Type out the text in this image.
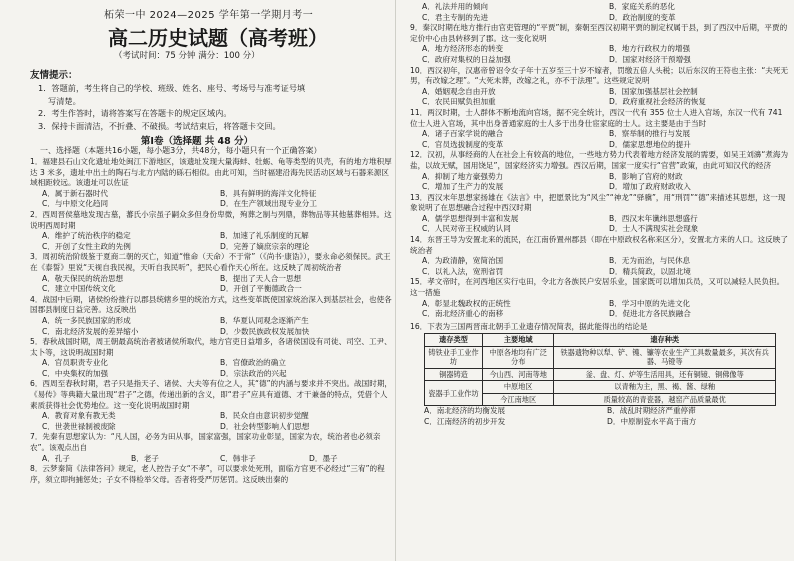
柘荣一中 2024—2025 学年第一学期月考一
高二历史试题（高考班）
（考试时间：75 分钟 满分：100 分）
友情提示：
1．答题前，考生将自己的学校、班级、姓名、座号、考场号与准考证号填
写清楚。
2．考生作答时，请将答案写在答题卡的规定区域内。
3．保持卡面清洁，不折叠、不破损。考试结束后，将答题卡交回。
第Ⅰ卷（选择题 共 48 分）
一、选择题（本题共16小题，每小题3分，共48分，每小题只有一个正确答案）
1．福建县石山文化遗址地处闽江下游地区，该遗址发现大量海蚌、牡蛎、龟等类型的贝壳，有的地方堆积厚达 3 米多，遗址中出土的陶石与北方内陆的砾石相似。由此可知，当时福建沿海先民活动区域与石器来源区域相距较远。该遗址可以佐证
A．属于新石器时代	B．具有鲜明的海洋文化特征
C．与中原文化趋同	D．在生产领域出现专业分工
2．西周晋侯墓地发现古墓，蕃氏小宗虽子嗣众多但身份卑微，殉葬之制与列鼎，葬物品等其他墓葬相异。这说明西周时期
A．维护了统治秩序的稳定	B．加速了礼乐制度的瓦解
C．开创了女性主政的先例	D．完善了嫡庶宗亲的理论
3．周初统治阶级鉴于夏商二朝的灭亡，知道“惟命（天命）不于常”（《尚书·康诰》），要永命必须保民。武王在《泰誓》里说“天视自我民视，天听自我民听”，把民心看作天心所在。这反映了周初统治者
A．敬天保民的统治思想	B．提出了天人合一思想
C．建立中国传统文化	D．开创了平衡德政合一
4．战国中后期，诸侯纷纷推行以郡县统辖乡里的统治方式，这些变革既使国家统治深入到基层社会，也使各国郡县制度日益完善。这反映出
A．统一多民族国家的形成	B．华夏认同观念逐渐产生
C．南北经济发展的差异缩小	D．少数民族政权发展加快
5．春秋战国时期，周王朝最高统治者被诸侯所取代，地方官吏日益增多，各诸侯国设有司徒、司空、工尹、太卜等，这说明战国时期
A．官员职责专业化	B．官僚政治的确立
C．中央集权的加强	D．宗法政治的兴起
6．西周至春秋时期，君子只是指天子、诸侯、大夫等有位之人，其“德”的内涵与要求并不突出。战国时期，《易传》等典籍大量出现“君子”之德，传递出新的含义，即“君子”应具有道德、才干兼备的特点，凭借个人素质获得社会优势地位。这一变化说明战国时期
A．教育对象有教无类	B．民众自由意识初步觉醒
C．世袭世禄制被废除	D．社会转型影响人们思想
7．先秦有思想家认为：“凡人国，必务为田从事，国家富强，国家功业彰显，国家为农，统治者也必须亲农”。该观点出自
A．孔子	B．老子	C．韩非子	D．墨子
8．云梦秦简《法律答问》规定，老人控告子女“不孝”，可以要求处死刑，面临方官更不必经过“三宥”的程序，须立即拘捕惩处；子女不得检举父母。否者将受严厉惩罚。这反映出秦的
A．礼法并用的倾向	B．家庭关系的恶化
C．君主专制的先进	D．政治制度的变革
9．秦汉时期在地方推行由官吏管理的“平贾”制，秦朝至西汉初期平贾的制定权属于县，到了西汉中后期，平贾的定价中心由县转移到了郡。这一变化说明
A．地方经济形态的转变	B．地方行政权力的增强
C．政府对集权的日益加强	D．国家对经济干预增强
10．西汉初年，汉惠帝曾诏令女子年十五岁至三十岁不嫁者，罚缴五倍人头税；以后东汉的王符也主张：“夫死无男，有改嫁之理”。“大死未葬，改嫁之礼，亦不于法理”。这些规定说明
A．婚姻观念自由开放	B．国家加强基层社会控制
C．农民田赋负担加重	D．政府重视社会经济的恢复
11．两汉时期，士人群体不断地流向官场，据不完全统计，西汉一代有 355 位士人进入官场，东汉一代有 741 位士人进入官场，其中出身普通家庭的士人多于出身仕宦家庭的士人。这主要是由于当时
A．诸子百家学说的融合	B．察举制的推行与发展
C．官员选拔制度的变革	D．儒家思想地位的提升
12．汉初，从事经商的人在社会上有较高的地位，一些地方势力代表着地方经济发展的需要，如吴王刘濞“煮海为盐，以故无赋，国用饶足”，国家经济实力增强。西汉后期，国家一度实行“官营”政策，由此可知汉代的经济
A．抑制了地方豪强势力	B．影响了官府的财政
C．增加了生产力的发展	D．增加了政府财政收入
13．西汉末年思想家扬雄在《法言》中，把愿景比为“风尘”“神龙”“驿骥”，用“刑罚”“德”来描述其思想，这一现象说明了在思想融合过程中西汉时期
A．儒学思想得到丰富和发展	B．西汉末年谶纬思想盛行
C．人民对帝王权威的认同	D．士人不满现实社会现象
14．东晋王导为安置北来的流民，在江南侨置州郡县（即在中原政权名称来区分），安置北方来的人口。这反映了统治者
A．为政清静，宽简治国	B．无为而治，与民休息
C．以礼入法，宽刑省罚	D．精兵简政，以固北境
15．孝文帝时，在河西地区实行屯田，令北方各族民户安居乐业，国家既可以增加兵员，又可以减轻人民负担。这一措施
A．彰显北魏政权的正统性	B．学习中原的先进文化
C．南北经济重心的南移	D．促进北方各民族融合
16．下表为三国两晋南北朝手工业遗存情况简表，据此能得出的结论是
遗存类型	主要地域	遗存种类
铸铁业手工业作坊	中原各地均有广泛分布	铁器遗物种以犁、铲、镬、镰等农业生产工具数量最多，其次有兵器、马镫等
铜器铸造	今山西、河南等地	釜、盘、灯、炉等生活用具，还有铜镜、铜佛像等
瓷器手工业作坊	中原地区	以青釉为主，黑、褐、酱、绿釉
	今江南地区	质量较高的青瓷器，越窑产品质量最优
A．南北经济的均衡发展	B．战乱时期经济严重停滞
C．江南经济的初步开发	D．中原制瓷水平高于南方
